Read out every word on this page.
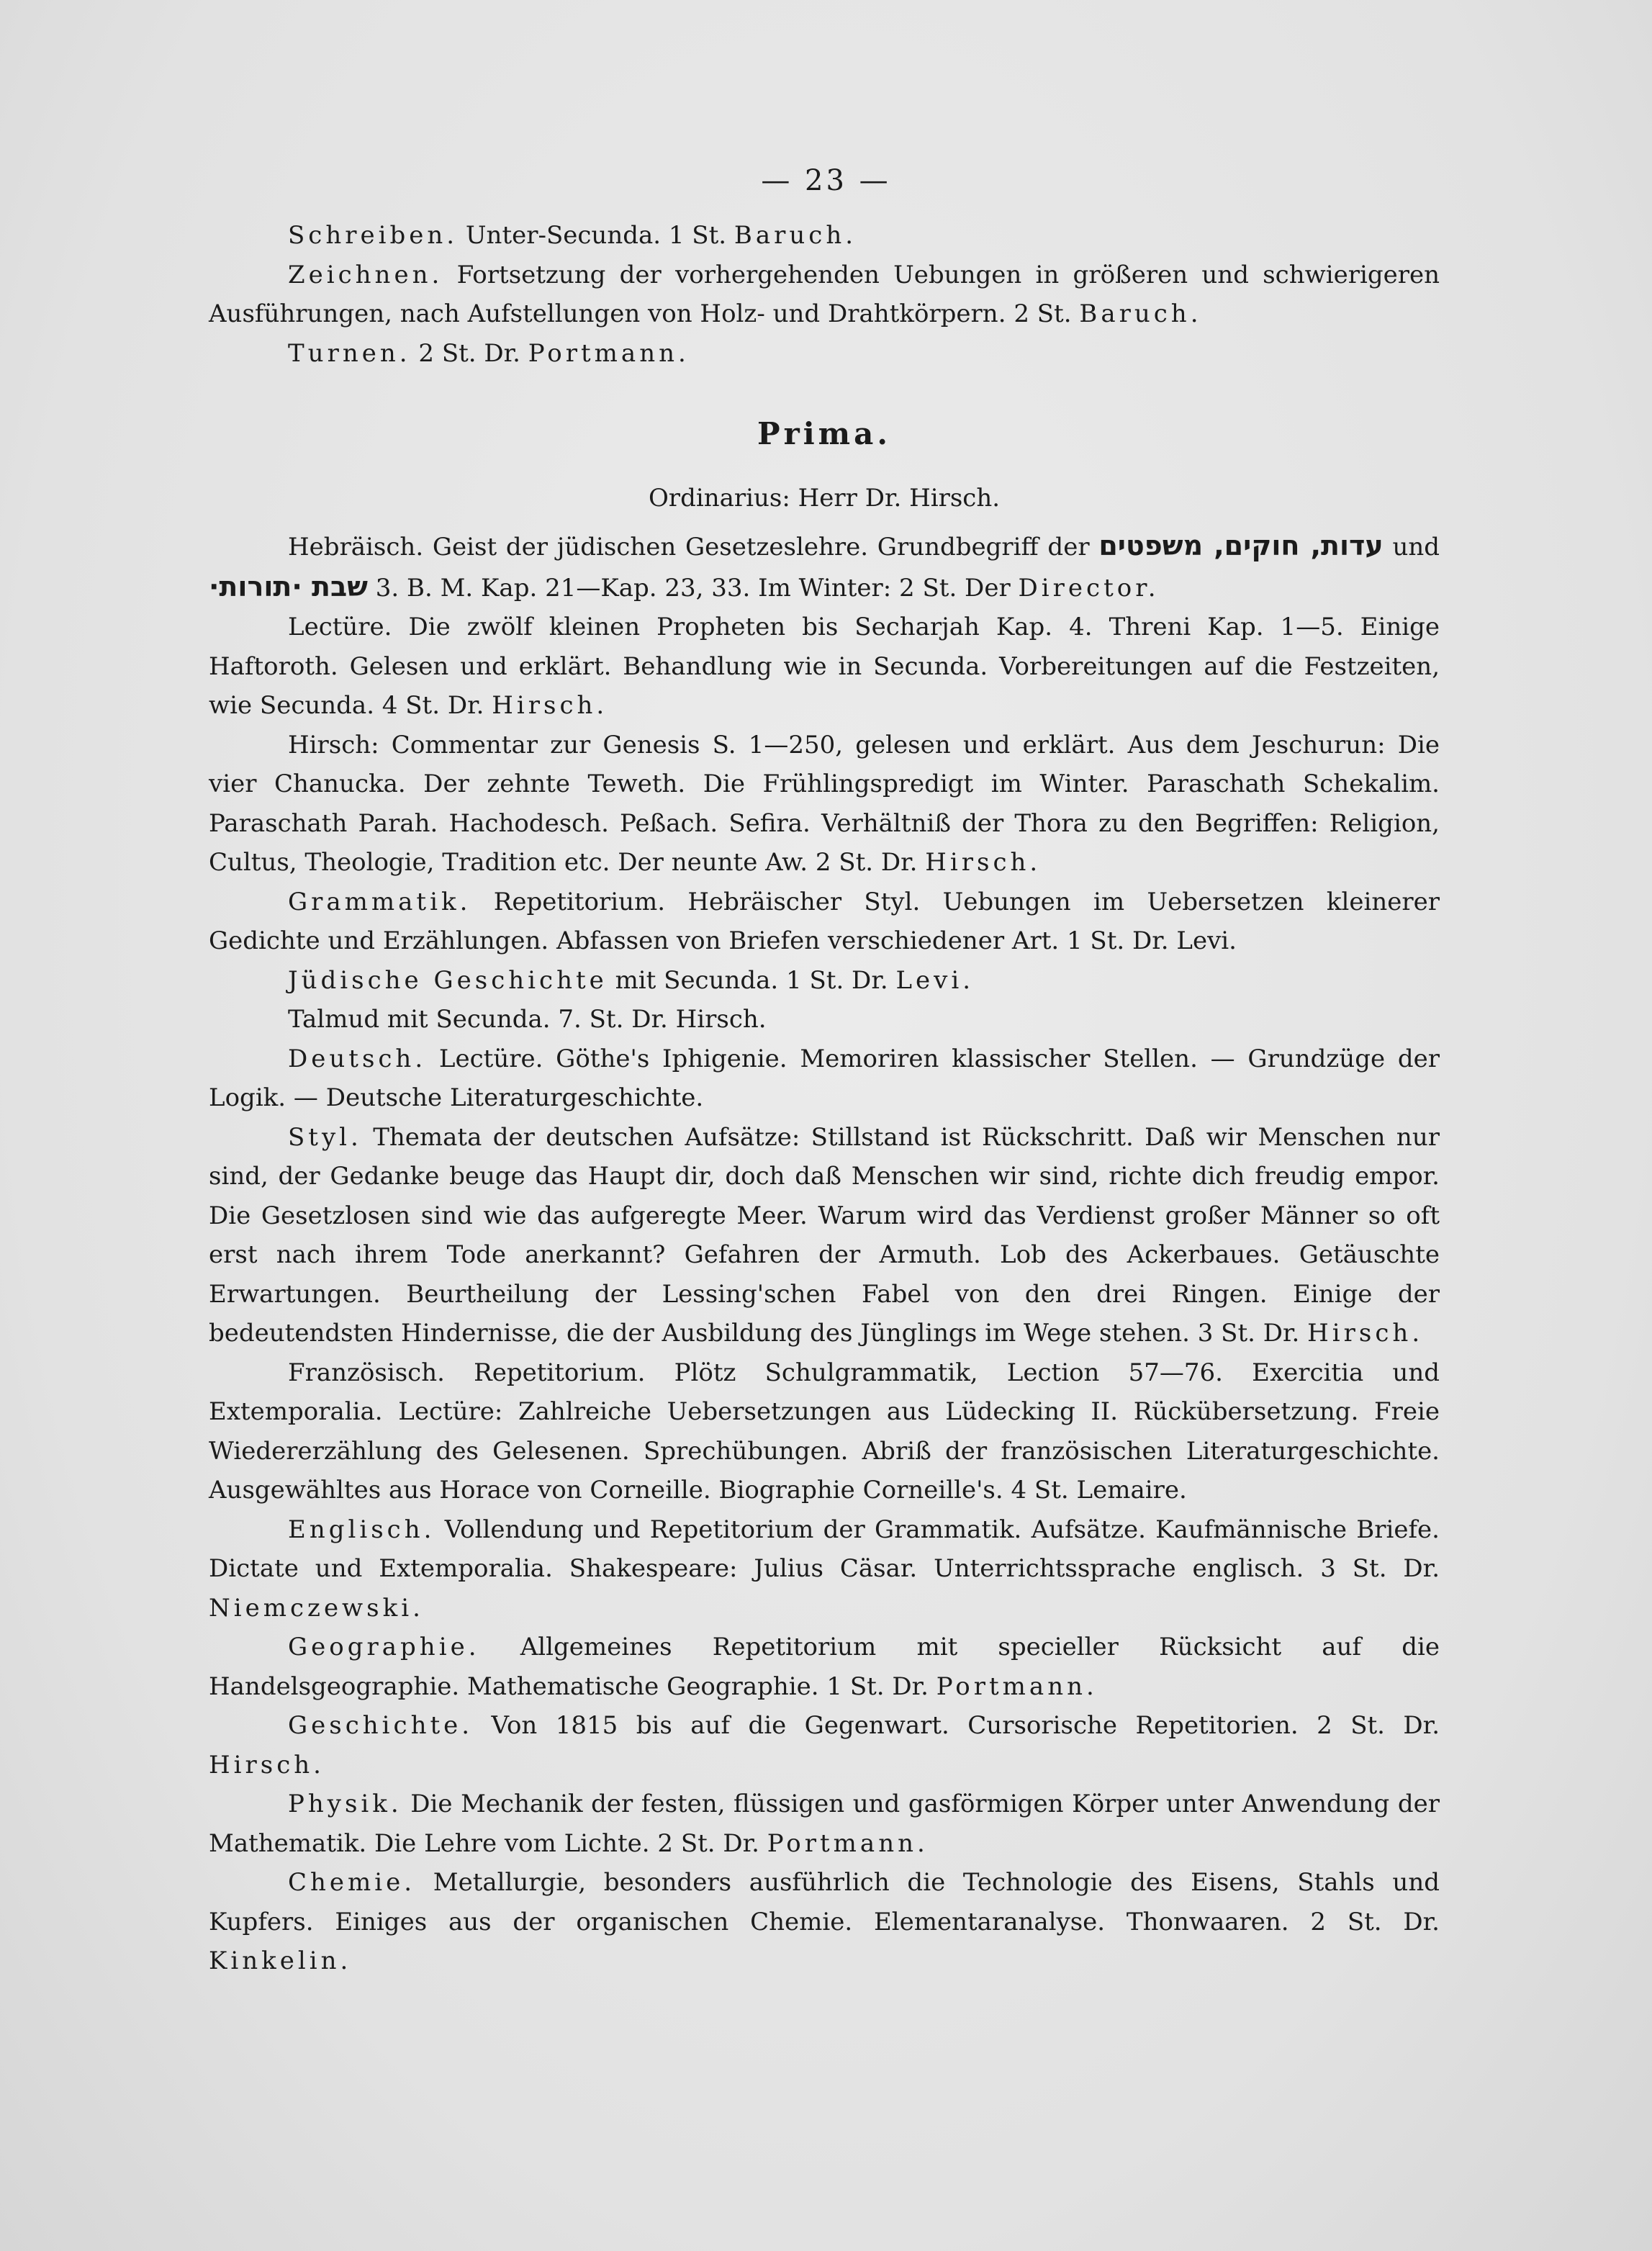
— 23 —

Schreiben. Unter-Secunda. 1 St. Baruch.

Zeichnen. Fortsetzung der vorhergehenden Uebungen in größeren und schwierigeren Ausführungen, nach Aufstellungen von Holz- und Drahtkörpern. 2 St. Baruch.

Turnen. 2 St. Dr. Portmann.

Prima.

Ordinarius: Herr Dr. Hirsch.

Hebräisch. Geist der jüdischen Gesetzeslehre. Grundbegriff der עדות, חוקים, משפטים und שבת ·תורות· 3. B. M. Kap. 21—Kap. 23, 33. Im Winter: 2 St. Der Director.

Lectüre. Die zwölf kleinen Propheten bis Secharjah Kap. 4. Threni Kap. 1—5. Einige Haftoroth. Gelesen und erklärt. Behandlung wie in Secunda. Vorbereitungen auf die Festzeiten, wie Secunda. 4 St. Dr. Hirsch.

Hirsch: Commentar zur Genesis S. 1—250, gelesen und erklärt. Aus dem Jeschurun: Die vier Chanucka. Der zehnte Teweth. Die Frühlingspredigt im Winter. Paraschath Schekalim. Paraschath Parah. Hachodesch. Peßach. Sefira. Verhältniß der Thora zu den Begriffen: Religion, Cultus, Theologie, Tradition etc. Der neunte Aw. 2 St. Dr. Hirsch.

Grammatik. Repetitorium. Hebräischer Styl. Uebungen im Uebersetzen kleinerer Gedichte und Erzählungen. Abfassen von Briefen verschiedener Art. 1 St. Dr. Levi.

Jüdische Geschichte mit Secunda. 1 St. Dr. Levi.

Talmud mit Secunda. 7. St. Dr. Hirsch.

Deutsch. Lectüre. Göthe's Iphigenie. Memoriren klassischer Stellen. — Grundzüge der Logik. — Deutsche Literaturgeschichte.

Styl. Themata der deutschen Aufsätze: Stillstand ist Rückschritt. Daß wir Menschen nur sind, der Gedanke beuge das Haupt dir, doch daß Menschen wir sind, richte dich freudig empor. Die Gesetzlosen sind wie das aufgeregte Meer. Warum wird das Verdienst großer Männer so oft erst nach ihrem Tode anerkannt? Gefahren der Armuth. Lob des Ackerbaues. Getäuschte Erwartungen. Beurtheilung der Lessing'schen Fabel von den drei Ringen. Einige der bedeutendsten Hindernisse, die der Ausbildung des Jünglings im Wege stehen. 3 St. Dr. Hirsch.

Französisch. Repetitorium. Plötz Schulgrammatik, Lection 57—76. Exercitia und Extemporalia. Lectüre: Zahlreiche Uebersetzungen aus Lüdecking II. Rückübersetzung. Freie Wiedererzählung des Gelesenen. Sprechübungen. Abriß der französischen Literaturgeschichte. Ausgewähltes aus Horace von Corneille. Biographie Corneille's. 4 St. Lemaire.

Englisch. Vollendung und Repetitorium der Grammatik. Aufsätze. Kaufmännische Briefe. Dictate und Extemporalia. Shakespeare: Julius Cäsar. Unterrichtssprache englisch. 3 St. Dr. Niemczewski.

Geographie. Allgemeines Repetitorium mit specieller Rücksicht auf die Handelsgeographie. Mathematische Geographie. 1 St. Dr. Portmann.

Geschichte. Von 1815 bis auf die Gegenwart. Cursorische Repetitorien. 2 St. Dr. Hirsch.

Physik. Die Mechanik der festen, flüssigen und gasförmigen Körper unter Anwendung der Mathematik. Die Lehre vom Lichte. 2 St. Dr. Portmann.

Chemie. Metallurgie, besonders ausführlich die Technologie des Eisens, Stahls und Kupfers. Einiges aus der organischen Chemie. Elementaranalyse. Thonwaaren. 2 St. Dr. Kinkelin.
